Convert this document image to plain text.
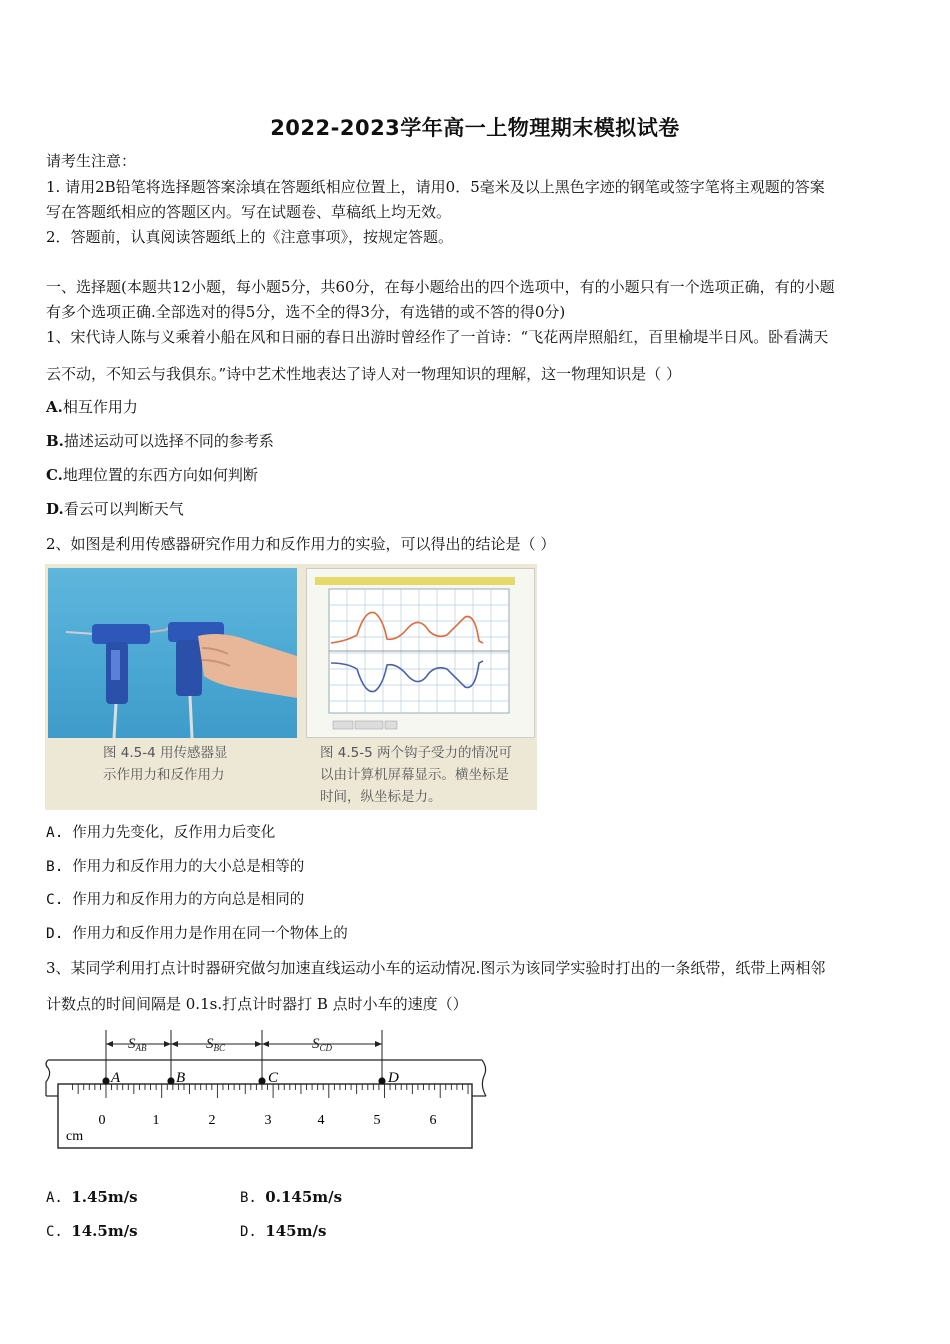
2022-2023学年高一上物理期末模拟试卷
请考生注意：
1. 请用2B铅笔将选择题答案涂填在答题纸相应位置上，请用0．5毫米及以上黑色字迹的钢笔或签字笔将主观题的答案
写在答题纸相应的答题区内。写在试题卷、草稿纸上均无效。
2．答题前，认真阅读答题纸上的《注意事项》，按规定答题。
一、选择题(本题共12小题，每小题5分，共60分，在每小题给出的四个选项中，有的小题只有一个选项正确，有的小题
有多个选项正确.全部选对的得5分，选不全的得3分，有选错的或不答的得0分)
1、宋代诗人陈与义乘着小船在风和日丽的春日出游时曾经作了一首诗：“飞花两岸照船红，百里榆堤半日风。卧看满天
云不动，不知云与我俱东。”诗中艺术性地表达了诗人对一物理知识的理解，这一物理知识是（ ）
A.相互作用力
B.描述运动可以选择不同的参考系
C.地理位置的东西方向如何判断
D.看云可以判断天气
2、如图是利用传感器研究作用力和反作用力的实验，可以得出的结论是（ ）
图 4.5-4 用传感器显
示作用力和反作用力
图 4.5-5 两个钩子受力的情况可
以由计算机屏幕显示。横坐标是
时间，纵坐标是力。
A. 作用力先变化，反作用力后变化
B. 作用力和反作用力的大小总是相等的
C. 作用力和反作用力的方向总是相同的
D. 作用力和反作用力是作用在同一个物体上的
3、某同学利用打点计时器研究做匀加速直线运动小车的运动情况.图示为该同学实验时打出的一条纸带，纸带上两相邻
计数点的时间间隔是 0.1s.打点计时器打 B 点时小车的速度（）
0	1	2	3	4	5	6
cm
$S_{AB}$	$S_{BC}$	$S_{CD}$
A	B	C	D
A. 1.45m/s	B. 0.145m/s
C. 14.5m/s	D. 145m/s
